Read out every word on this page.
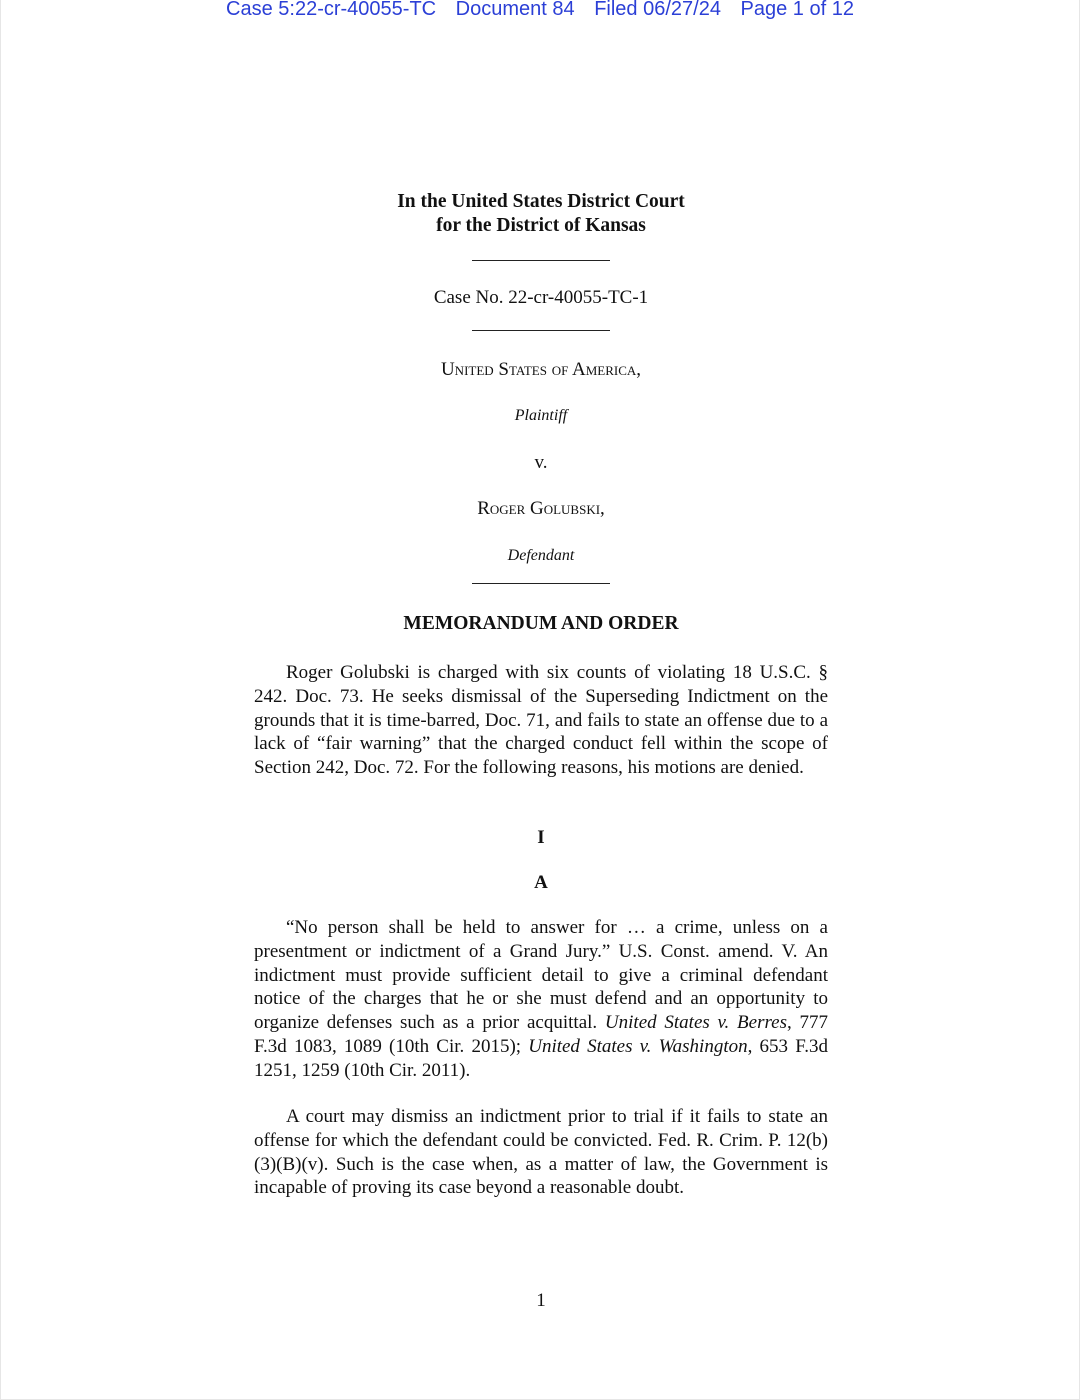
Case 5:22-cr-40055-TC Document 84 Filed 06/27/24 Page 1 of 12
In the United States District Court
for the District of Kansas
Case No. 22-cr-40055-TC-1
United States of America,
Plaintiff
v.
Roger Golubski,
Defendant
MEMORANDUM AND ORDER
Roger Golubski is charged with six counts of violating 18 U.S.C. § 242. Doc. 73. He seeks dismissal of the Superseding Indictment on the grounds that it is time-barred, Doc. 71, and fails to state an offense due to a lack of “fair warning” that the charged conduct fell within the scope of Section 242, Doc. 72. For the following reasons, his motions are denied.
I
A
“No person shall be held to answer for … a crime, unless on a presentment or indictment of a Grand Jury.” U.S. Const. amend. V. An indictment must provide sufficient detail to give a criminal defendant notice of the charges that he or she must defend and an opportunity to organize defenses such as a prior acquittal. United States v. Berres, 777 F.3d 1083, 1089 (10th Cir. 2015); United States v. Washington, 653 F.3d 1251, 1259 (10th Cir. 2011).
A court may dismiss an indictment prior to trial if it fails to state an offense for which the defendant could be convicted. Fed. R. Crim. P. 12(b)(3)(B)(v). Such is the case when, as a matter of law, the Government is incapable of proving its case beyond a reasonable doubt.
1
